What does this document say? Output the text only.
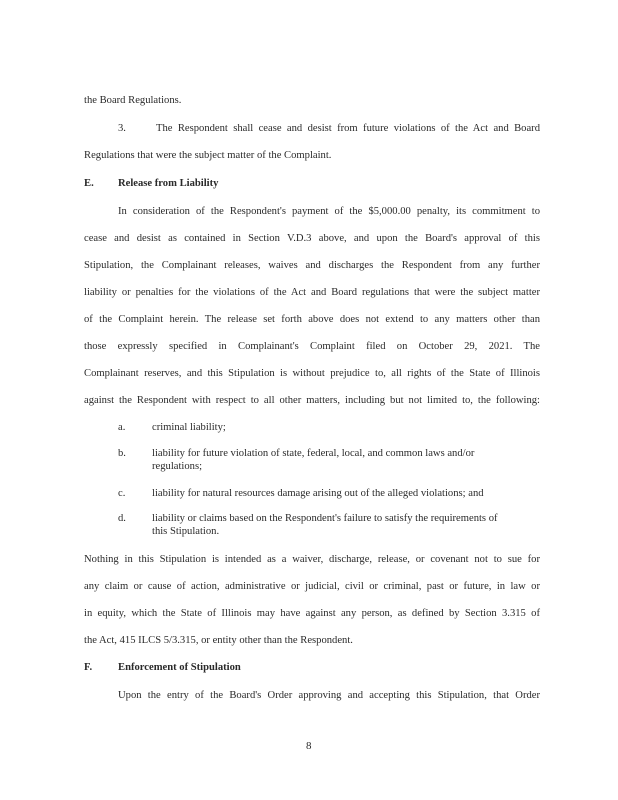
the Board Regulations.
3.	The Respondent shall cease and desist from future violations of the Act and Board
Regulations that were the subject matter of the Complaint.
E. Release from Liability
In consideration of the Respondent's payment of the $5,000.00 penalty, its commitment to
cease and desist as contained in Section V.D.3 above, and upon the Board's approval of this
Stipulation, the Complainant releases, waives and discharges the Respondent from any further
liability or penalties for the violations of the Act and Board regulations that were the subject matter
of the Complaint herein. The release set forth above does not extend to any matters other than
those expressly specified in Complainant's Complaint filed on October 29, 2021. The
Complainant reserves, and this Stipulation is without prejudice to, all rights of the State of Illinois
against the Respondent with respect to all other matters, including but not limited to, the following:
a.	criminal liability;
b. liability for future violation of state, federal, local, and common laws and/or
regulations;
c.	liability for natural resources damage arising out of the alleged violations; and
d. liability or claims based on the Respondent's failure to satisfy the requirements of
this Stipulation.
Nothing in this Stipulation is intended as a waiver, discharge, release, or covenant not to sue for
any claim or cause of action, administrative or judicial, civil or criminal, past or future, in law or
in equity, which the State of Illinois may have against any person, as defined by Section 3.315 of
the Act, 415 ILCS 5/3.315, or entity other than the Respondent.
F. Enforcement of Stipulation
Upon the entry of the Board's Order approving and accepting this Stipulation, that Order
8
